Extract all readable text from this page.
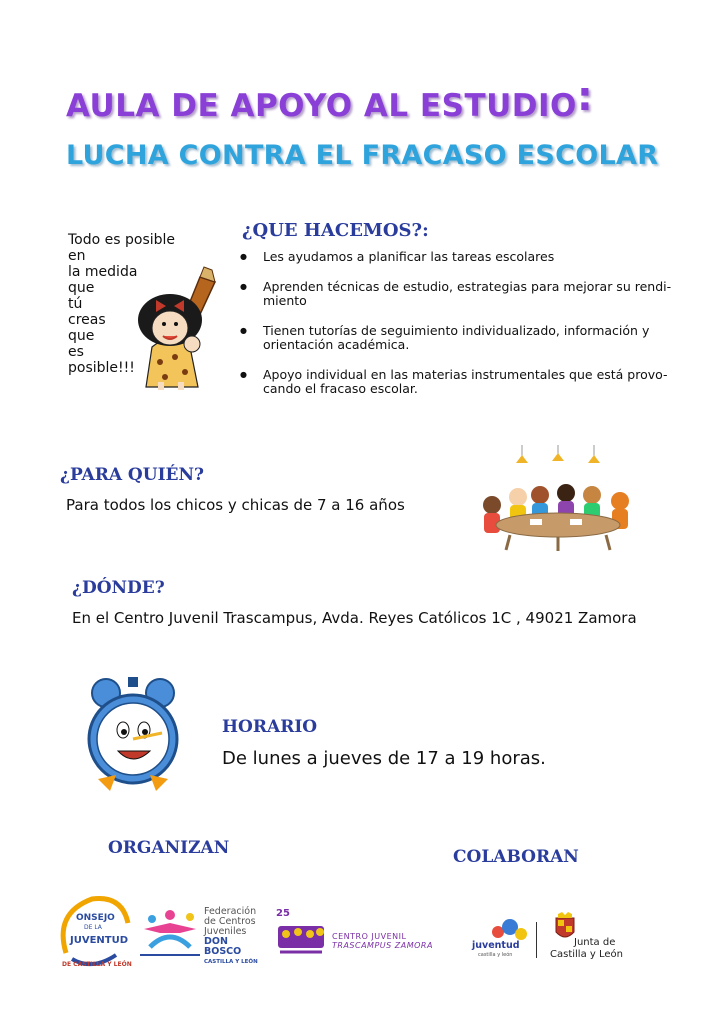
AULA DE APOYO AL ESTUDIO:
LUCHA CONTRA EL FRACASO ESCOLAR
Todo es posible
en
la medida
que
tú
creas
que
es
posible!!!
¿QUE HACEMOS?:
● Les ayudamos a planificar las tareas escolares
● Aprenden técnicas de estudio, estrategias para mejorar su rendi-miento
● Tienen tutorías de seguimiento individualizado, información y orientación académica.
● Apoyo individual en las materias instrumentales que está provo-cando el fracaso escolar.
¿PARA QUIÉN?
Para todos los chicos y chicas de 7 a 16 años
¿DÓNDE?
En el Centro Juvenil Trascampus, Avda. Reyes Católicos 1C , 49021 Zamora
HORARIO
De lunes a jueves de 17 a 19 horas.
ORGANIZAN	COLABORAN
ONSEJO
DE LA
JUVENTUD
DE CASTILLA Y LEÓN
Federación
de Centros
Juveniles
DON BOSCO
CASTILLA Y LEÓN
25
CENTRO JUVENIL
TRASCAMPUS ZAMORA	juventud
castilla y león
Junta de
Castilla y León
